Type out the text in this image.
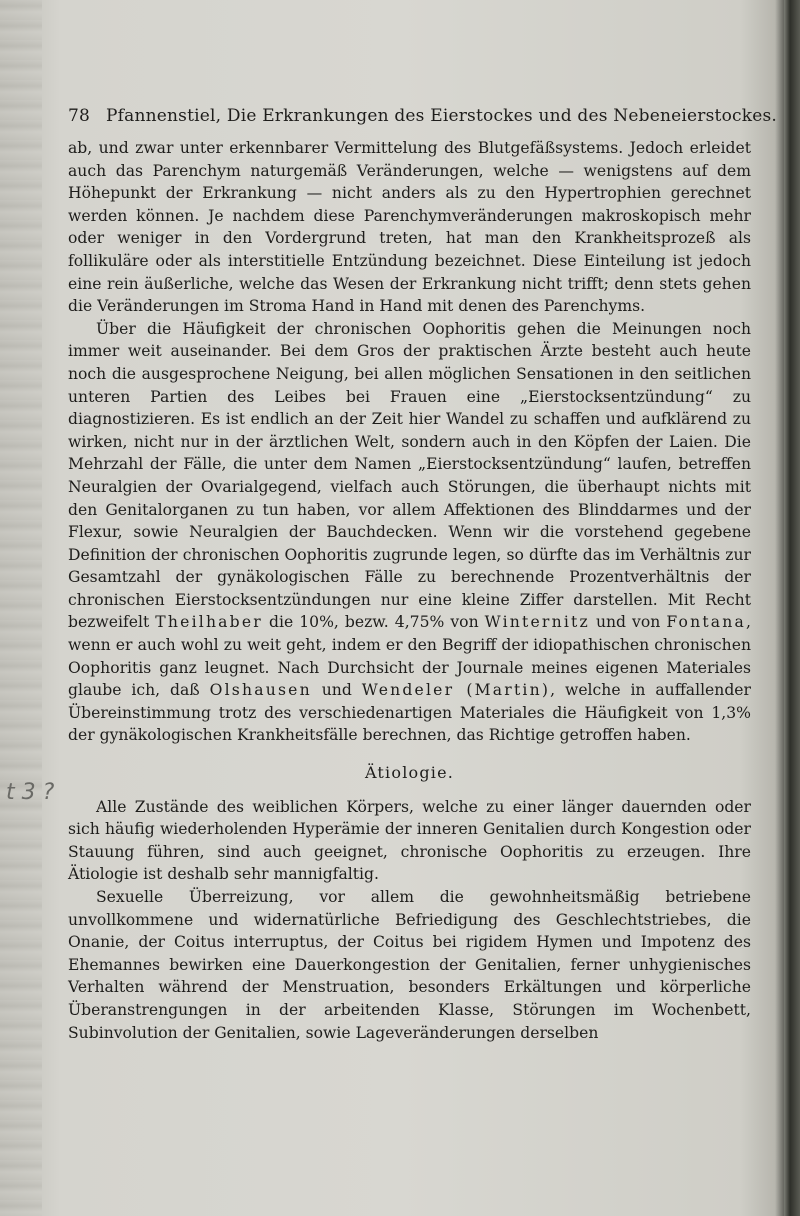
t 3 ?
78 Pfannenstiel, Die Erkrankungen des Eierstockes und des Nebeneierstockes.

ab, und zwar unter erkennbarer Vermittelung des Blutgefäßsystems. Jedoch erleidet auch das Parenchym naturgemäß Veränderungen, welche — wenigstens auf dem Höhepunkt der Erkrankung — nicht anders als zu den Hypertrophien gerechnet werden können. Je nachdem diese Parenchymveränderungen makroskopisch mehr oder weniger in den Vordergrund treten, hat man den Krankheitsprozeß als follikuläre oder als interstitielle Entzündung bezeichnet. Diese Einteilung ist jedoch eine rein äußerliche, welche das Wesen der Erkrankung nicht trifft; denn stets gehen die Veränderungen im Stroma Hand in Hand mit denen des Parenchyms.

Über die Häufigkeit der chronischen Oophoritis gehen die Meinungen noch immer weit auseinander. Bei dem Gros der praktischen Ärzte besteht auch heute noch die ausgesprochene Neigung, bei allen möglichen Sensationen in den seitlichen unteren Partien des Leibes bei Frauen eine „Eierstocksentzündung“ zu diagnostizieren. Es ist endlich an der Zeit hier Wandel zu schaffen und aufklärend zu wirken, nicht nur in der ärztlichen Welt, sondern auch in den Köpfen der Laien. Die Mehrzahl der Fälle, die unter dem Namen „Eierstocksentzündung“ laufen, betreffen Neuralgien der Ovarialgegend, vielfach auch Störungen, die überhaupt nichts mit den Genitalorganen zu tun haben, vor allem Affektionen des Blinddarmes und der Flexur, sowie Neuralgien der Bauchdecken. Wenn wir die vorstehend gegebene Definition der chronischen Oophoritis zugrunde legen, so dürfte das im Verhältnis zur Gesamtzahl der gynäkologischen Fälle zu berechnende Prozentverhältnis der chronischen Eierstocksentzündungen nur eine kleine Ziffer darstellen. Mit Recht bezweifelt Theilhaber die 10%, bezw. 4,75% von Winternitz und von Fontana, wenn er auch wohl zu weit geht, indem er den Begriff der idiopathischen chronischen Oophoritis ganz leugnet. Nach Durchsicht der Journale meines eigenen Materiales glaube ich, daß Olshausen und Wendeler (Martin), welche in auffallender Übereinstimmung trotz des verschiedenartigen Materiales die Häufigkeit von 1,3% der gynäkologischen Krankheitsfälle berechnen, das Richtige getroffen haben.

Ätiologie.

Alle Zustände des weiblichen Körpers, welche zu einer länger dauernden oder sich häufig wiederholenden Hyperämie der inneren Genitalien durch Kongestion oder Stauung führen, sind auch geeignet, chronische Oophoritis zu erzeugen. Ihre Ätiologie ist deshalb sehr mannigfaltig.

Sexuelle Überreizung, vor allem die gewohnheitsmäßig betriebene unvollkommene und widernatürliche Befriedigung des Geschlechtstriebes, die Onanie, der Coitus interruptus, der Coitus bei rigidem Hymen und Impotenz des Ehemannes bewirken eine Dauerkongestion der Genitalien, ferner unhygienisches Verhalten während der Menstruation, besonders Erkältungen und körperliche Überanstrengungen in der arbeitenden Klasse, Störungen im Wochenbett, Subinvolution der Genitalien, sowie Lageveränderungen derselben
